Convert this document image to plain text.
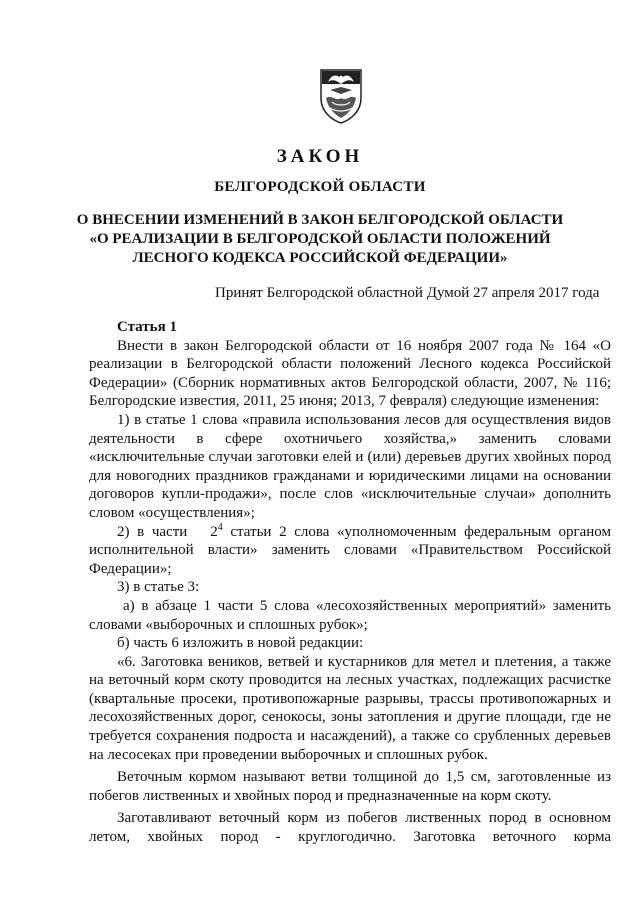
ЗАКОН
БЕЛГОРОДСКОЙ ОБЛАСТИ
О ВНЕСЕНИИ ИЗМЕНЕНИЙ В ЗАКОН БЕЛГОРОДСКОЙ ОБЛАСТИ
«О РЕАЛИЗАЦИИ В БЕЛГОРОДСКОЙ ОБЛАСТИ ПОЛОЖЕНИЙ
ЛЕСНОГО КОДЕКСА РОССИЙСКОЙ ФЕДЕРАЦИИ»
Принят Белгородской областной Думой 27 апреля 2017 года

Статья 1

Внести в закон Белгородской области от 16 ноября 2007 года № 164 «О реализации в Белгородской области положений Лесного кодекса Российской Федерации» (Сборник нормативных актов Белгородской области, 2007, № 116; Белгородские известия, 2011, 25 июня; 2013, 7 февраля) следующие изменения:

1) в статье 1 слова «правила использования лесов для осуществления видов деятельности в сфере охотничьего хозяйства,» заменить словами «исключительные случаи заготовки елей и (или) деревьев других хвойных пород для новогодних праздников гражданами и юридическими лицами на основании договоров купли-продажи», после слов «исключительные случаи» дополнить словом «осуществления»;

2) в части $2^4$ статьи 2 слова «уполномоченным федеральным органом исполнительной власти» заменить словами «Правительством Российской Федерации»;

3) в статье 3:

а) в абзаце 1 части 5 слова «лесохозяйственных мероприятий» заменить словами «выборочных и сплошных рубок»;

б) часть 6 изложить в новой редакции:

«6. Заготовка веников, ветвей и кустарников для метел и плетения, а также на веточный корм скоту проводится на лесных участках, подлежащих расчистке (квартальные просеки, противопожарные разрывы, трассы противопожарных и лесохозяйственных дорог, сенокосы, зоны затопления и другие площади, где не требуется сохранения подроста и насаждений), а также со срубленных деревьев на лесосеках при проведении выборочных и сплошных рубок.

Веточным кормом называют ветви толщиной до 1,5 см, заготовленные из побегов лиственных и хвойных пород и предназначенные на корм скоту.

Заготавливают веточный корм из побегов лиственных пород в основном летом, хвойных пород - круглогодично. Заготовка веточного корма
